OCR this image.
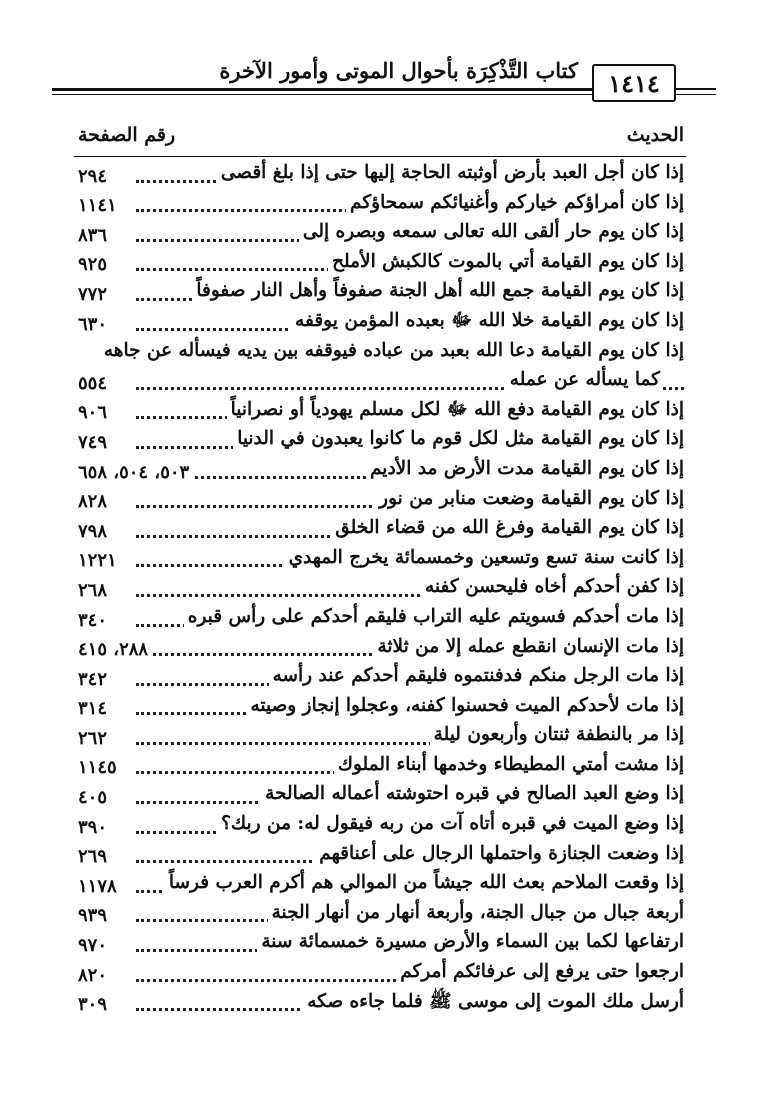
كتاب التَّذْكِرَة بأحوال الموتى وأمور الآخرة	١٤١٤
الحديث
رقم الصفحة
إذا كان أجل العبد بأرض أوثبته الحاجة إليها حتى إذا بلغ أقصى
٢٩٤
إذا كان أمراؤكم خياركم وأغنيائكم سمحاؤكم
١١٤١
إذا كان يوم حار ألقى الله تعالى سمعه وبصره إلى
٨٣٦
إذا كان يوم القيامة أتي بالموت كالكبش الأملح
٩٢٥
إذا كان يوم القيامة جمع الله أهل الجنة صفوفاً وأهل النار صفوفاً
٧٧٢
إذا كان يوم القيامة خلا الله ﷻ بعبده المؤمن يوقفه
٦٣٠
إذا كان يوم القيامة دعا الله بعبد من عباده فيوقفه بين يديه فيسأله عن جاهه
كما يسأله عن عمله
٥٥٤
إذا كان يوم القيامة دفع الله ﷻ لكل مسلم يهودياً أو نصرانياً
٩٠٦
إذا كان يوم القيامة مثل لكل قوم ما كانوا يعبدون في الدنيا
٧٤٩
إذا كان يوم القيامة مدت الأرض مد الأديم
٥٠٣، ٥٠٤، ٦٥٨
إذا كان يوم القيامة وضعت منابر من نور
٨٢٨
إذا كان يوم القيامة وفرغ الله من قضاء الخلق
٧٩٨
إذا كانت سنة تسع وتسعين وخمسمائة يخرج المهدي
١٢٢١
إذا كفن أحدكم أخاه فليحسن كفنه
٢٦٨
إذا مات أحدكم فسويتم عليه التراب فليقم أحدكم على رأس قبره
٣٤٠
إذا مات الإنسان انقطع عمله إلا من ثلاثة
٢٨٨، ٤١٥
إذا مات الرجل منكم فدفنتموه فليقم أحدكم عند رأسه
٣٤٢
إذا مات لأحدكم الميت فحسنوا كفنه، وعجلوا إنجاز وصيته
٣١٤
إذا مر بالنطفة ثنتان وأربعون ليلة
٢٦٢
إذا مشت أمتي المطيطاء وخدمها أبناء الملوك
١١٤٥
إذا وضع العبد الصالح في قبره احتوشته أعماله الصالحة
٤٠٥
إذا وضع الميت في قبره أتاه آت من ربه فيقول له: من ربك؟
٣٩٠
إذا وضعت الجنازة واحتملها الرجال على أعناقهم
٢٦٩
إذا وقعت الملاحم بعث الله جيشاً من الموالي هم أكرم العرب فرساً
١١٧٨
أربعة جبال من جبال الجنة، وأربعة أنهار من أنهار الجنة
٩٣٩
ارتفاعها لكما بين السماء والأرض مسيرة خمسمائة سنة
٩٧٠
ارجعوا حتى يرفع إلى عرفائكم أمركم
٨٢٠
أرسل ملك الموت إلى موسى ﷺ فلما جاءه صكه
٣٠٩
